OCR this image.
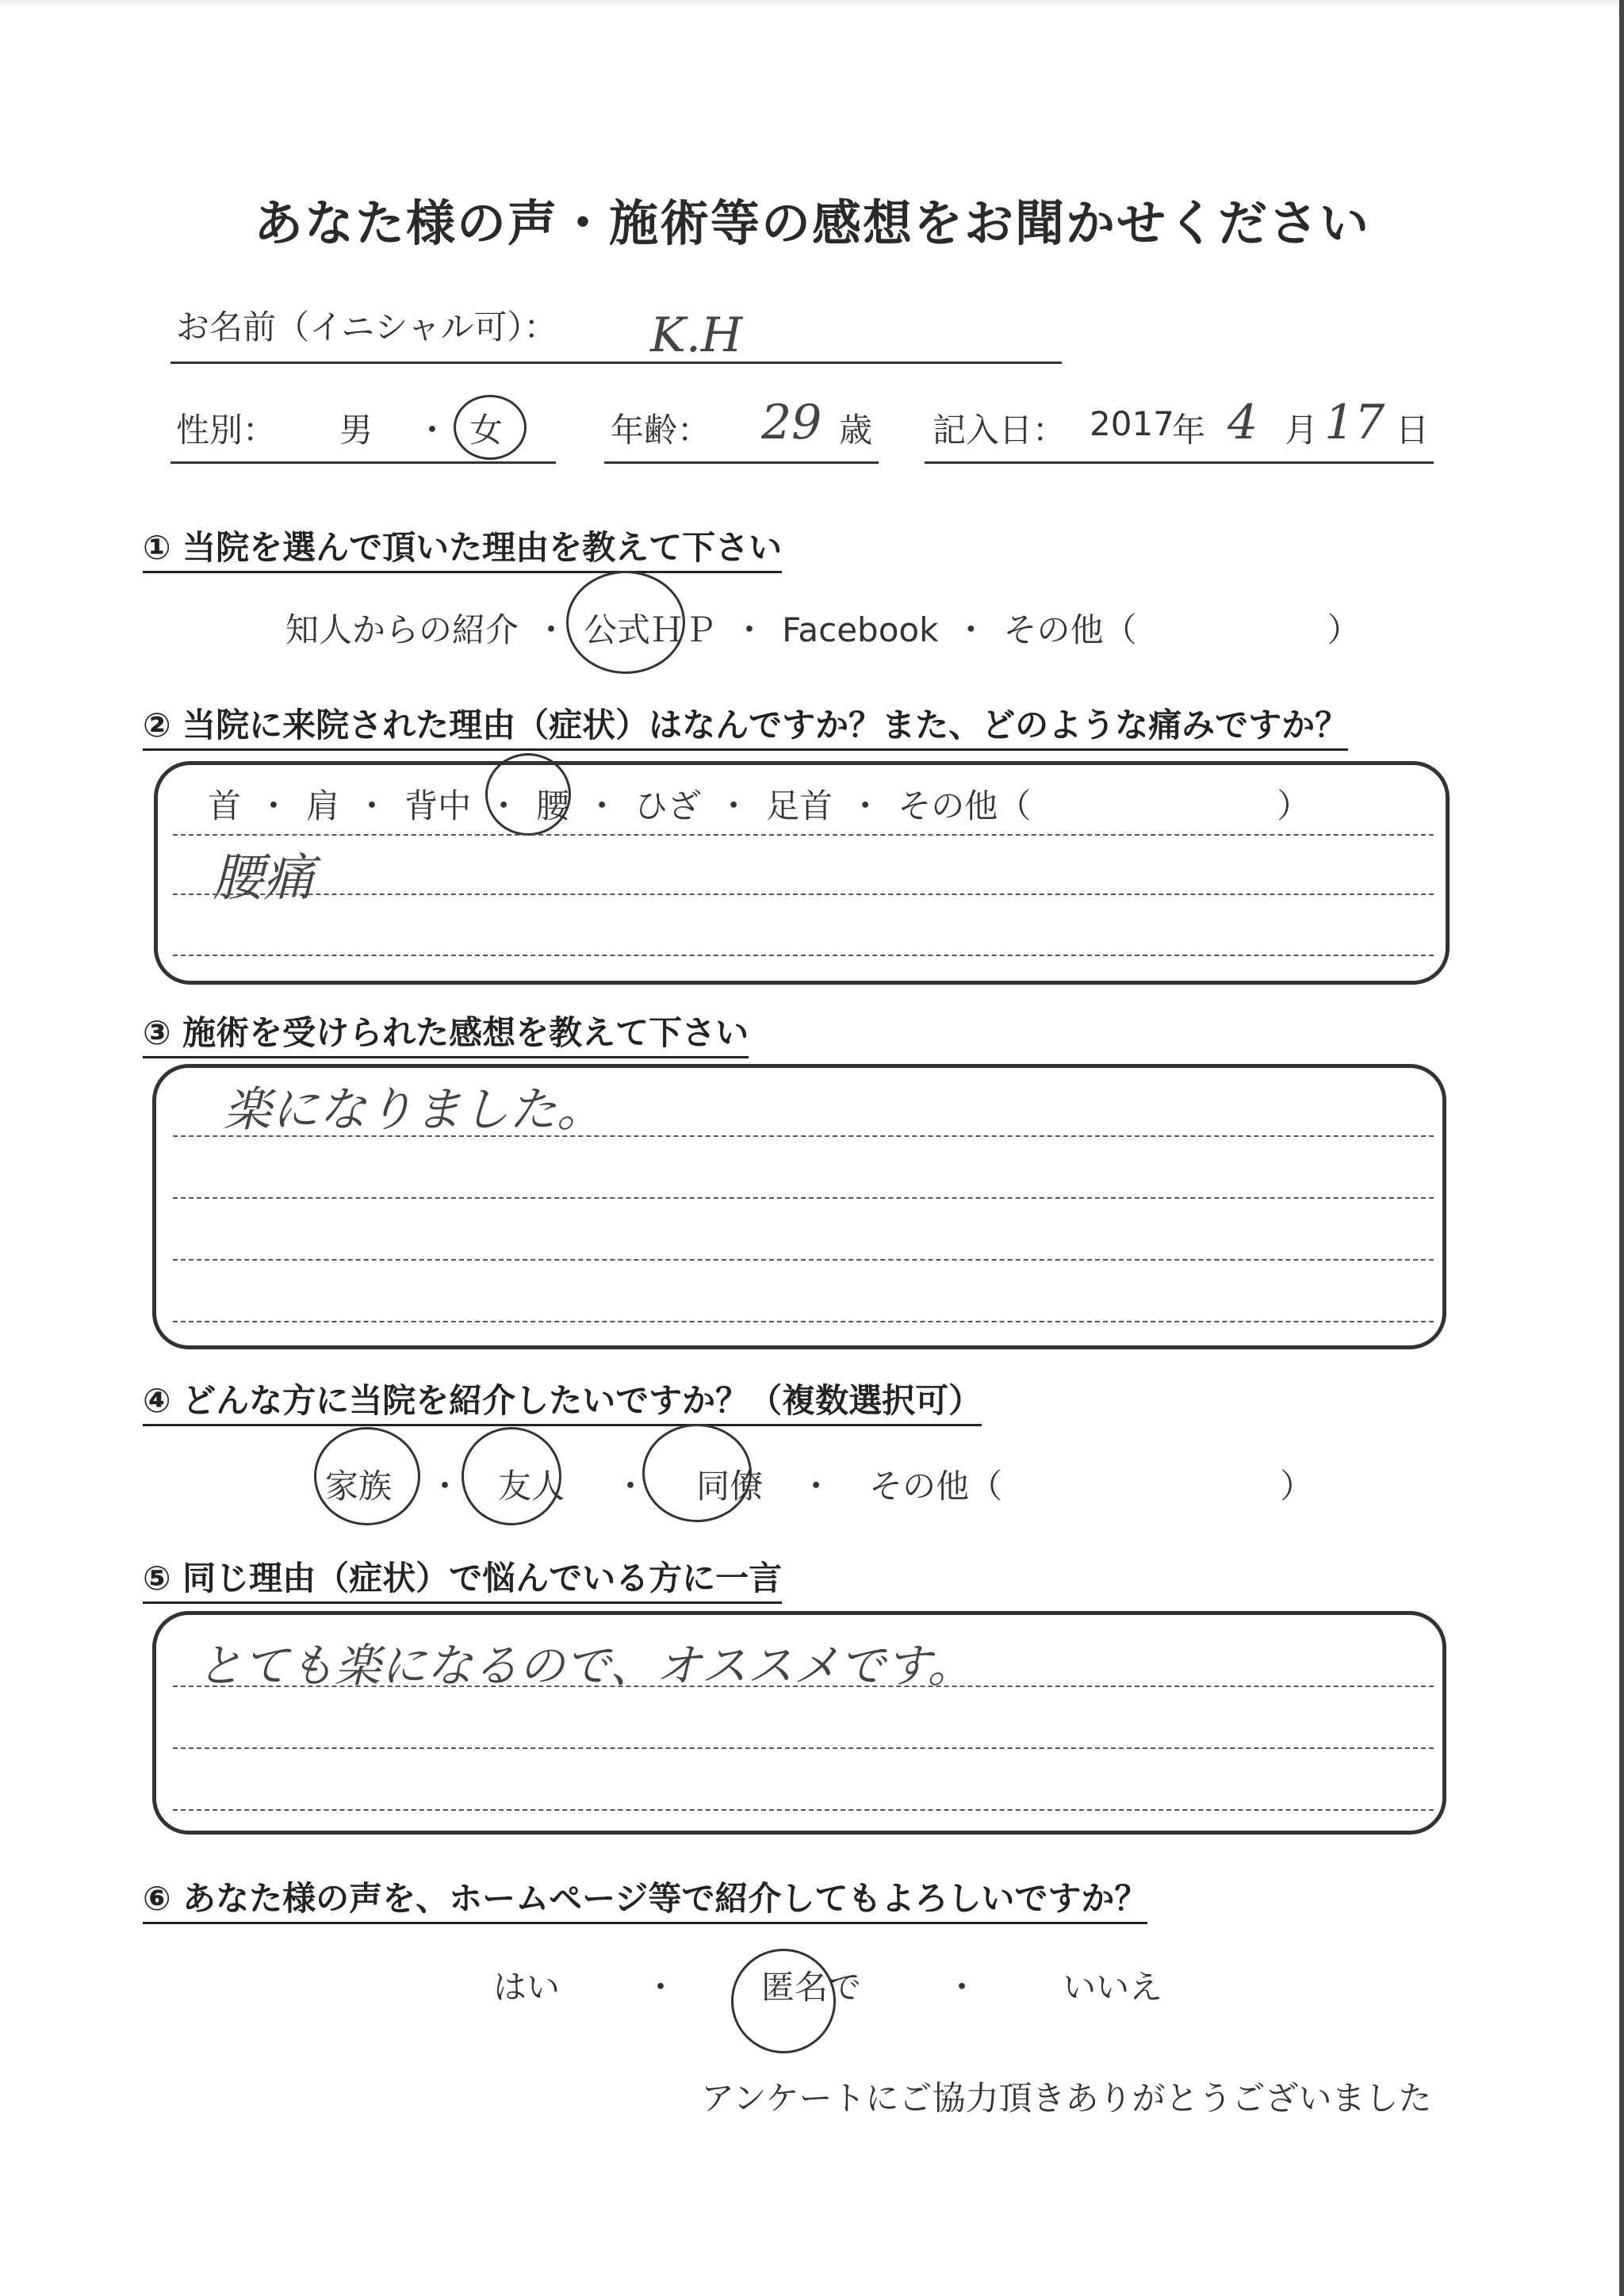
あなた様の声・施術等の感想をお聞かせください
お名前（イニシャル可）： K.H
性別： 男 ・ 女	年齢： 29 歳 記入日： 2017
年 4 月 17 日
① 当院を選んで頂いた理由を教えて下さい
知人からの紹介 ・ 公式ＨＰ ・ Facebook ・ その他（	）
② 当院に来院された理由（症状）はなんですか？また、どのような痛みですか？
首 ・ 肩 ・ 背中 ・ 腰 ・ ひざ ・ 足首 ・ その他（	）
腰痛
③ 施術を受けられた感想を教えて下さい
楽になりました。
④ どんな方に当院を紹介したいですか？（複数選択可）
家族 ・ 友人 ・ 同僚 ・ その他（	）
⑤ 同じ理由（症状）で悩んでいる方に一言
とても楽になるので、オススメです。
⑥ あなた様の声を、ホームページ等で紹介してもよろしいですか？
はい	・	匿名で	・	いいえ
アンケートにご協力頂きありがとうございました
